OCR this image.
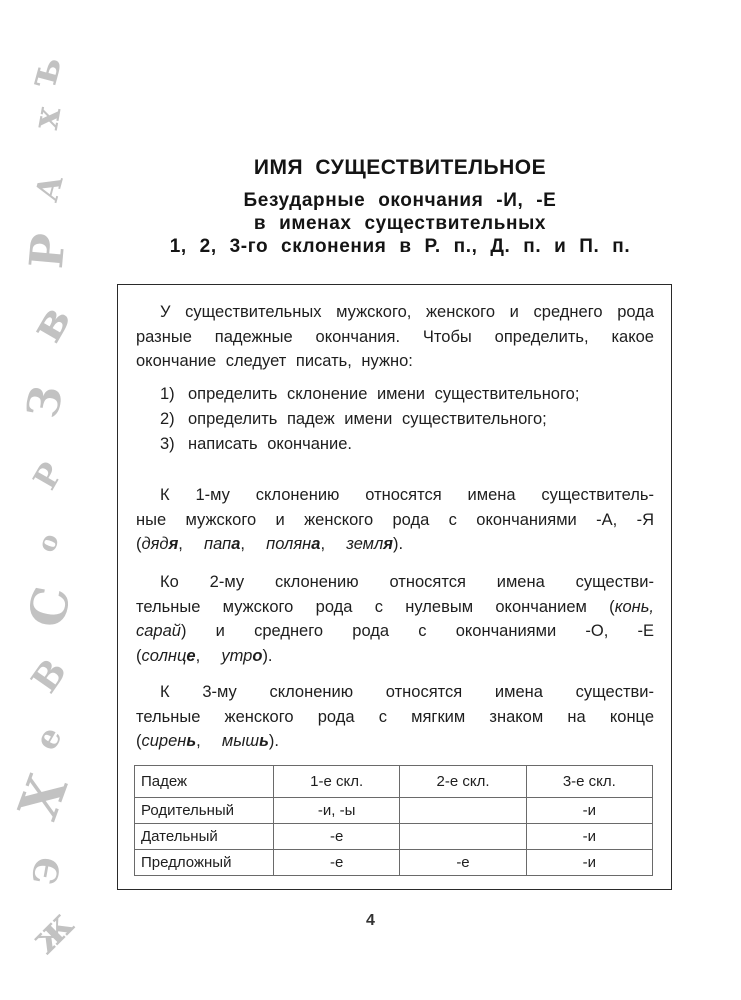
ъ
х
А
Р
в
З
Р
о
С
В
е
Х
Э
ж
ИМЯ СУЩЕСТВИТЕЛЬНОЕ
Безударные окончания -И, -Е
в именах существительных
1, 2, 3-го склонения в Р. п., Д. п. и П. п.
У существительных мужского, женского и среднего рода разные падежные окончания. Чтобы определить, какое окончание следует писать, нужно:
1) определить склонение имени существительного;
2) определить падеж имени существительного;
3) написать окончание.
К 1-му склонению относятся имена существитель-
ные мужского и женского рода с окончаниями -А, -Я
(дядя,  папа,  поляна,  земля).
Ко 2-му склонению относятся имена существи-
тельные мужского рода с нулевым окончанием (конь,
сарай) и среднего рода с окончаниями -О, -Е
(солнце,  утро).
К 3-му склонению относятся имена существи-
тельные женского рода с мягким знаком на конце
(сирень,  мышь).
Падеж	1-е скл.	2-е скл.	3-е скл.
Родительный	-и, -ы		-и
Дательный	-е		-и
Предложный	-е	-е	-и
4
